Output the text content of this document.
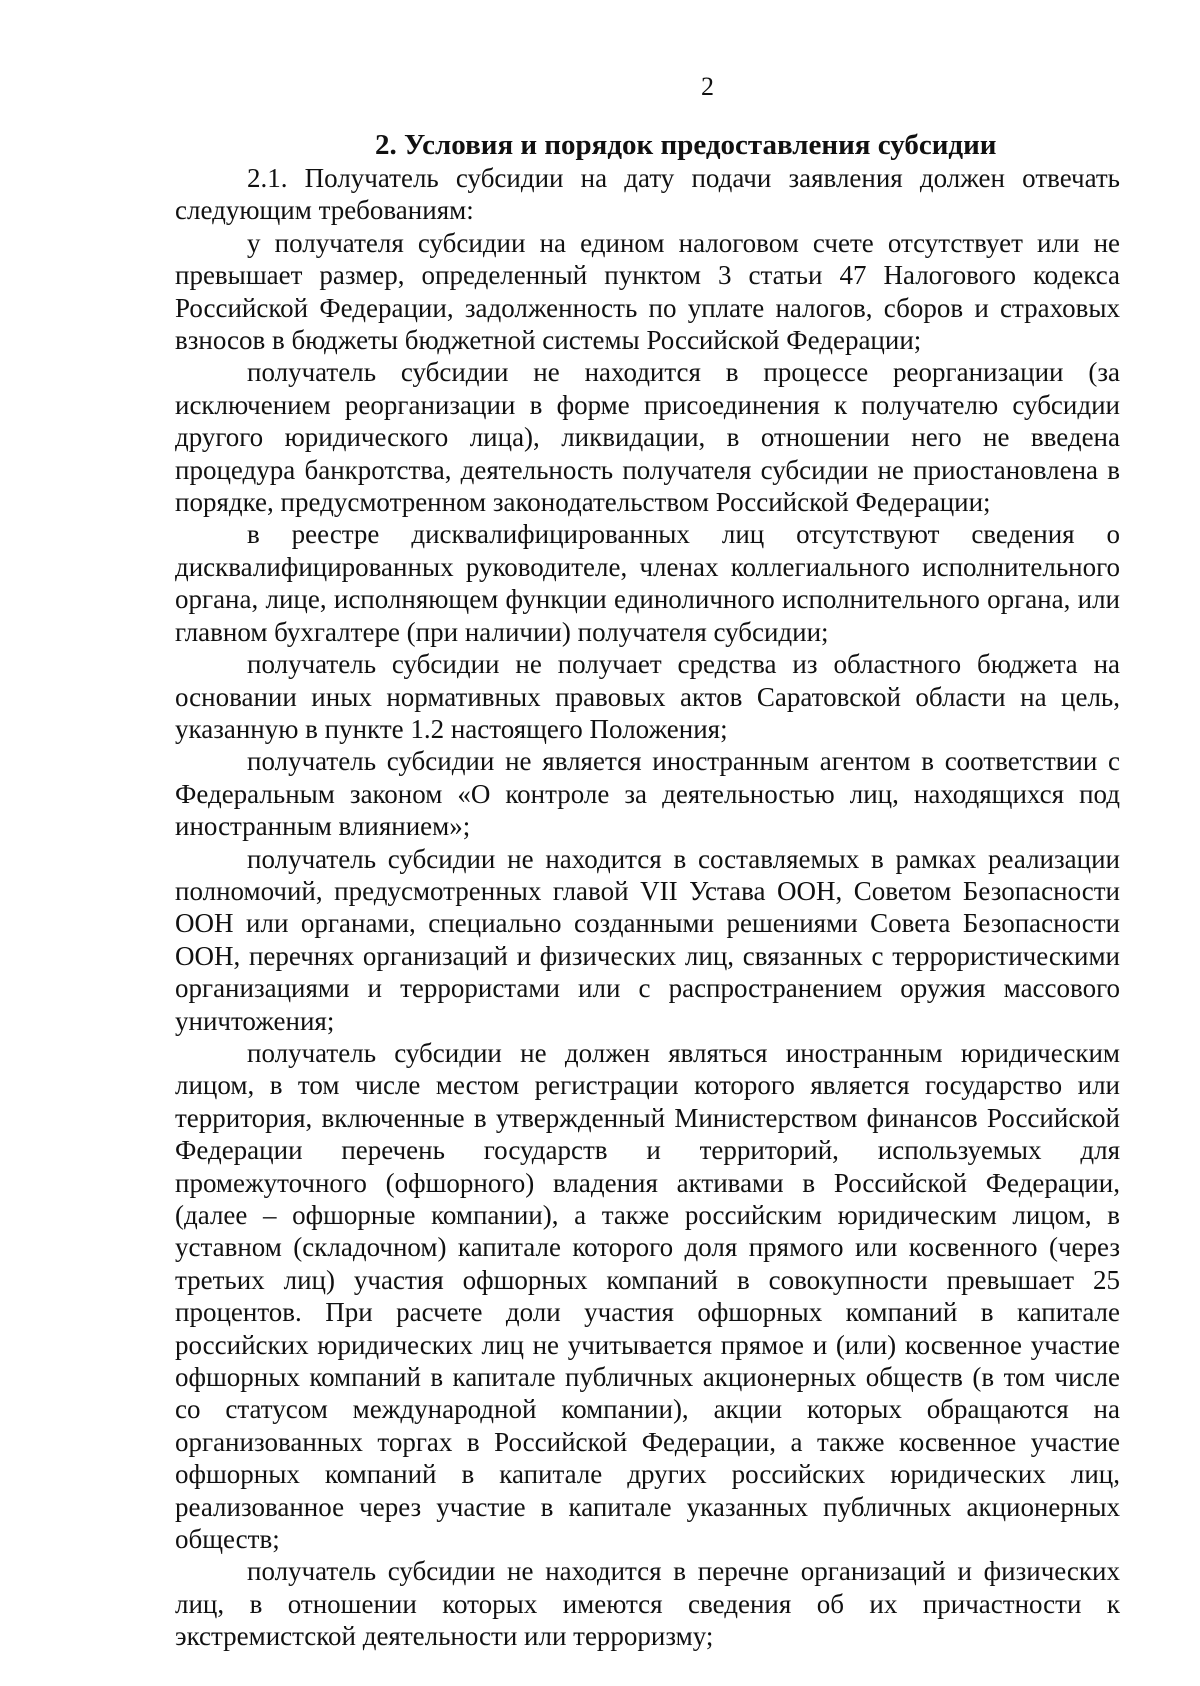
2
2. Условия и порядок предоставления субсидии

2.1. Получатель субсидии на дату подачи заявления должен отвечать следующим требованиям:

у получателя субсидии на едином налоговом счете отсутствует или не превышает размер, определенный пунктом 3 статьи 47 Налогового кодекса Российской Федерации, задолженность по уплате налогов, сборов и страховых взносов в бюджеты бюджетной системы Российской Федерации;

получатель субсидии не находится в процессе реорганизации (за исключением реорганизации в форме присоединения к получателю субсидии другого юридического лица), ликвидации, в отношении него не введена процедура банкротства, деятельность получателя субсидии не приостановлена в порядке, предусмотренном законодательством Российской Федерации;

в реестре дисквалифицированных лиц отсутствуют сведения о дисквалифицированных руководителе, членах коллегиального исполнительного органа, лице, исполняющем функции единоличного исполнительного органа, или главном бухгалтере (при наличии) получателя субсидии;

получатель субсидии не получает средства из областного бюджета на основании иных нормативных правовых актов Саратовской области на цель, указанную в пункте 1.2 настоящего Положения;

получатель субсидии не является иностранным агентом в соответствии с Федеральным законом «О контроле за деятельностью лиц, находящихся под иностранным влиянием»;

получатель субсидии не находится в составляемых в рамках реализации полномочий, предусмотренных главой VII Устава ООН, Советом Безопасности ООН или органами, специально созданными решениями Совета Безопасности ООН, перечнях организаций и физических лиц, связанных с террористическими организациями и террористами или с распространением оружия массового уничтожения;

получатель субсидии не должен являться иностранным юридическим лицом, в том числе местом регистрации которого является государство или территория, включенные в утвержденный Министерством финансов Российской Федерации перечень государств и территорий, используемых для промежуточного (офшорного) владения активами в Российской Федерации, (далее – офшорные компании), а также российским юридическим лицом, в уставном (складочном) капитале которого доля прямого или косвенного (через третьих лиц) участия офшорных компаний в совокупности превышает 25 процентов. При расчете доли участия офшорных компаний в капитале российских юридических лиц не учитывается прямое и (или) косвенное участие офшорных компаний в капитале публичных акционерных обществ (в том числе со статусом международной компании), акции которых обращаются на организованных торгах в Российской Федерации, а также косвенное участие офшорных компаний в капитале других российских юридических лиц, реализованное через участие в капитале указанных публичных акционерных обществ;

получатель субсидии не находится в перечне организаций и физических лиц, в отношении которых имеются сведения об их причастности к экстремистской деятельности или терроризму;
